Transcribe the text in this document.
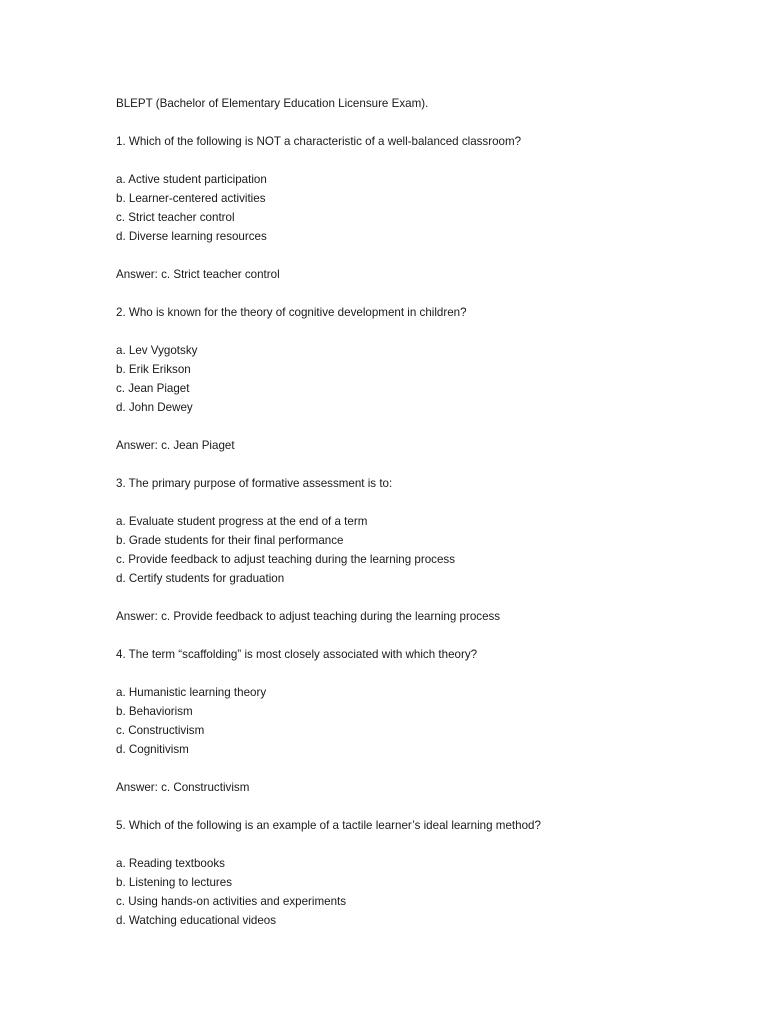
BLEPT (Bachelor of Elementary Education Licensure Exam).
1. Which of the following is NOT a characteristic of a well-balanced classroom?
a. Active student participation
b. Learner-centered activities
c. Strict teacher control
d. Diverse learning resources
Answer: c. Strict teacher control
2. Who is known for the theory of cognitive development in children?
a. Lev Vygotsky
b. Erik Erikson
c. Jean Piaget
d. John Dewey
Answer: c. Jean Piaget
3. The primary purpose of formative assessment is to:
a. Evaluate student progress at the end of a term
b. Grade students for their final performance
c. Provide feedback to adjust teaching during the learning process
d. Certify students for graduation
Answer: c. Provide feedback to adjust teaching during the learning process
4. The term “scaffolding” is most closely associated with which theory?
a. Humanistic learning theory
b. Behaviorism
c. Constructivism
d. Cognitivism
Answer: c. Constructivism
5. Which of the following is an example of a tactile learner’s ideal learning method?
a. Reading textbooks
b. Listening to lectures
c. Using hands-on activities and experiments
d. Watching educational videos
